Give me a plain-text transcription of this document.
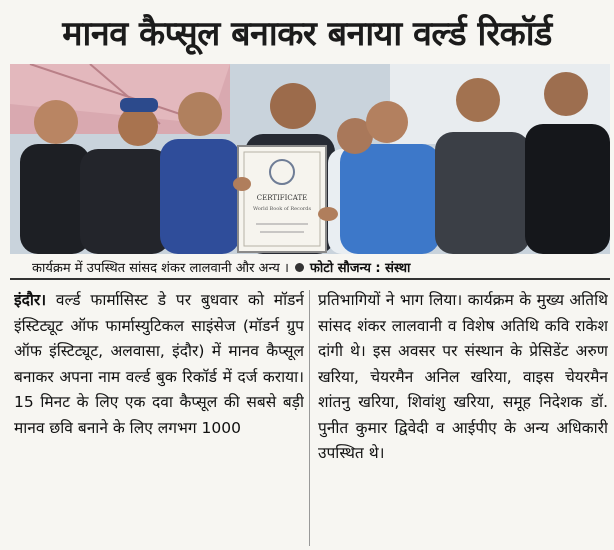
मानव कैप्सूल बनाकर बनाया वर्ल्ड रिकॉर्ड
CERTIFICATE
World Book of Records
कार्यक्रम में उपस्थित सांसद शंकर लालवानी और अन्य । फोटो सौजन्य : संस्था
इंदौर। वर्ल्ड फार्मासिस्ट डे पर बुधवार को मॉडर्न इंस्टिट्यूट ऑफ फार्मास्युटिकल साइंसेज (मॉडर्न ग्रुप ऑफ इंस्टिट्यूट, अलवासा, इंदौर) में मानव कैप्सूल बनाकर अपना नाम वर्ल्ड बुक रिकॉर्ड में दर्ज कराया। 15 मिनट के लिए एक दवा कैप्सूल की सबसे बड़ी मानव छवि बनाने के लिए लगभग 1000
प्रतिभागियों ने भाग लिया। कार्यक्रम के मुख्य अतिथि सांसद शंकर लालवानी व विशेष अतिथि कवि राकेश दांगी थे। इस अवसर पर संस्थान के प्रेसिडेंट अरुण खरिया, चेयरमैन अनिल खरिया, वाइस चेयरमैन शांतनु खरिया, शिवांशु खरिया, समूह निदेशक डॉ. पुनीत कुमार द्विवेदी व आईपीए के अन्य अधिकारी उपस्थित थे।
